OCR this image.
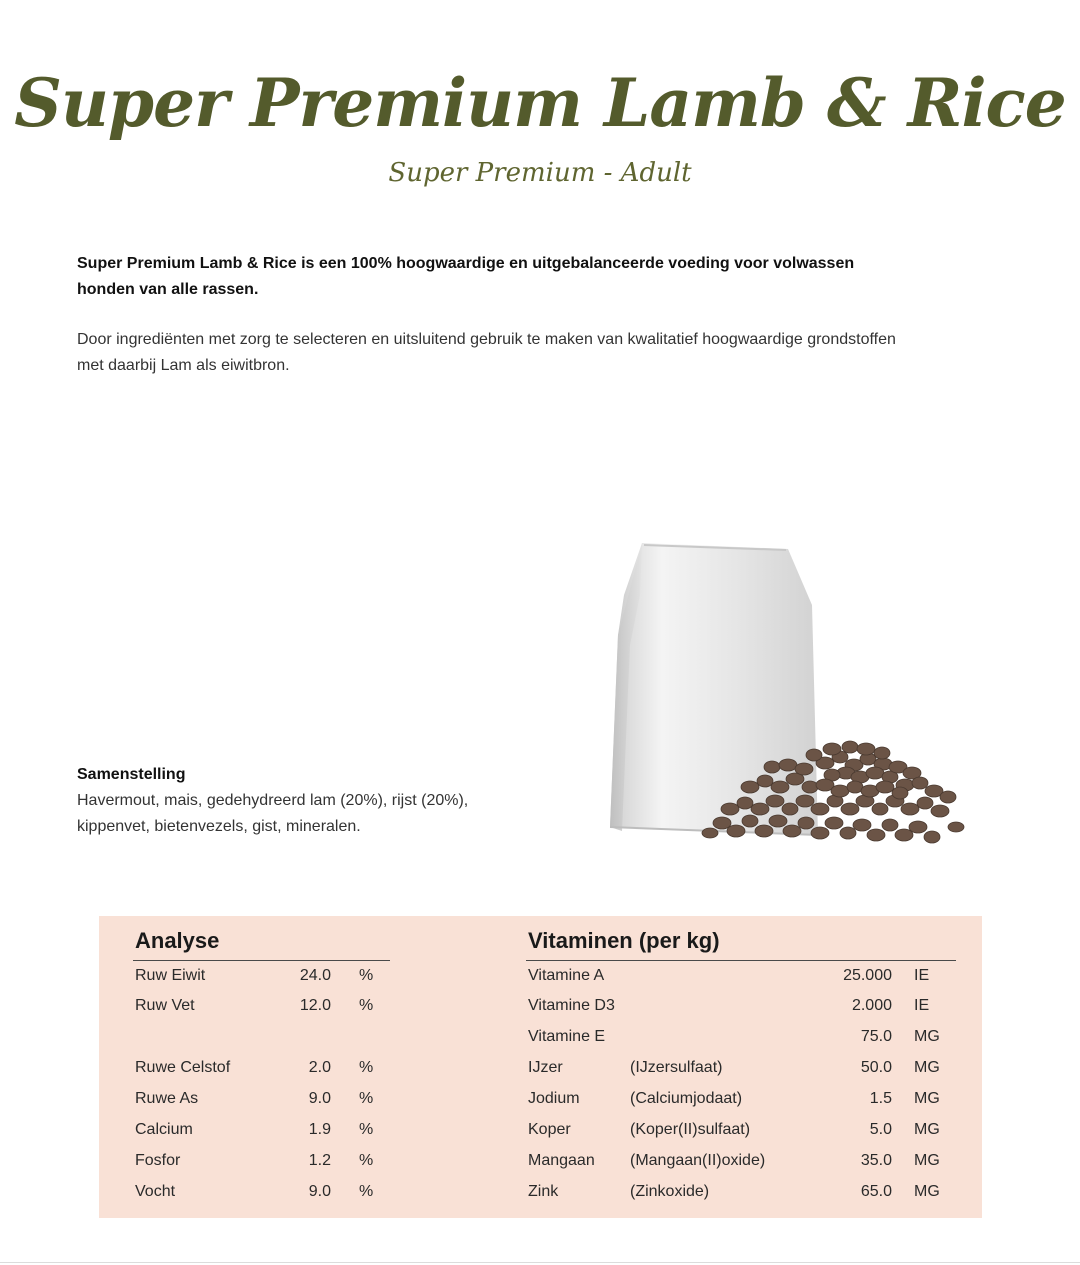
Super Premium Lamb & Rice
Super Premium - Adult
Super Premium Lamb & Rice is een 100% hoogwaardige en uitgebalanceerde voeding voor volwassen honden van alle rassen.
Door ingrediënten met zorg te selecteren en uitsluitend gebruik te maken van kwalitatief hoogwaardige grondstoffen met daarbij Lam als eiwitbron.
Samenstelling
Havermout, mais, gedehydreerd lam (20%), rijst (20%), kippenvet, bietenvezels, gist, mineralen.
Analyse
Ruw Eiwit	24.0 %
Ruw Vet	12.0 %
Ruwe Celstof	2.0 %
Ruwe As	9.0 %
Calcium	1.9 %
Fosfor	1.2 %
Vocht	9.0 %
Vitaminen (per kg)
Vitamine A	25.000 IE
Vitamine D3	2.000 IE
Vitamine E	75.0 MG
IJzer	(IJzersulfaat)	50.0 MG
Jodium	(Calciumjodaat)	1.5 MG
Koper	(Koper(II)sulfaat)	5.0 MG
Mangaan (Mangaan(II)oxide)	35.0 MG
Zink	(Zinkoxide)	65.0 MG
